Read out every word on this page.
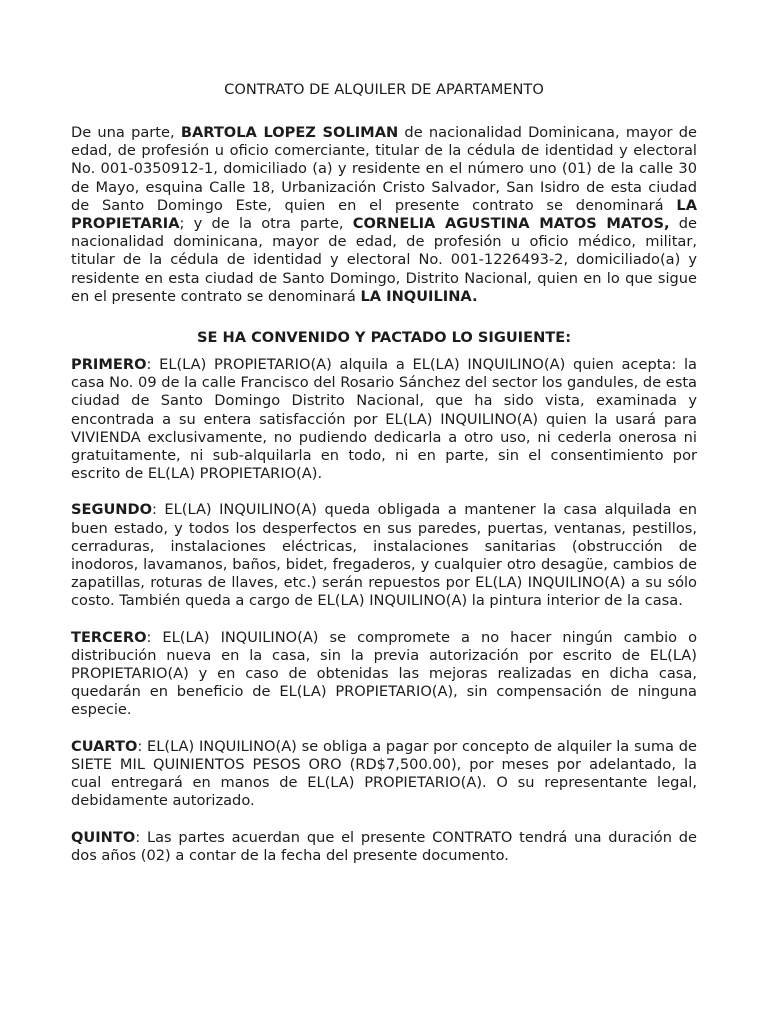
CONTRATO DE ALQUILER DE APARTAMENTO

De una parte, BARTOLA LOPEZ SOLIMAN de nacionalidad Dominicana, mayor de edad, de profesión u oficio comerciante, titular de la cédula de identidad y electoral No. 001-0350912-1, domiciliado (a) y residente en el número uno (01) de la calle 30 de Mayo, esquina Calle 18, Urbanización Cristo Salvador, San Isidro de esta ciudad de Santo Domingo Este, quien en el presente contrato se denominará LA PROPIETARIA; y de la otra parte, CORNELIA AGUSTINA MATOS MATOS, de nacionalidad dominicana, mayor de edad, de profesión u oficio médico, militar, titular de la cédula de identidad y electoral No. 001-1226493-2, domiciliado(a) y residente en esta ciudad de Santo Domingo, Distrito Nacional, quien en lo que sigue en el presente contrato se denominará LA INQUILINA.

SE HA CONVENIDO Y PACTADO LO SIGUIENTE:

PRIMERO: EL(LA) PROPIETARIO(A) alquila a EL(LA) INQUILINO(A) quien acepta: la casa No. 09 de la calle Francisco del Rosario Sánchez del sector los gandules, de esta ciudad de Santo Domingo Distrito Nacional, que ha sido vista, examinada y encontrada a su entera satisfacción por EL(LA) INQUILINO(A) quien la usará para VIVIENDA exclusivamente, no pudiendo dedicarla a otro uso, ni cederla onerosa ni gratuitamente, ni sub-alquilarla en todo, ni en parte, sin el consentimiento por escrito de EL(LA) PROPIETARIO(A).

SEGUNDO: EL(LA) INQUILINO(A) queda obligada a mantener la casa alquilada en buen estado, y todos los desperfectos en sus paredes, puertas, ventanas, pestillos, cerraduras, instalaciones eléctricas, instalaciones sanitarias (obstrucción de inodoros, lavamanos, baños, bidet, fregaderos, y cualquier otro desagüe, cambios de zapatillas, roturas de llaves, etc.) serán repuestos por EL(LA) INQUILINO(A) a su sólo costo. También queda a cargo de EL(LA) INQUILINO(A) la pintura interior de la casa.

TERCERO: EL(LA) INQUILINO(A) se compromete a no hacer ningún cambio o distribución nueva en la casa, sin la previa autorización por escrito de EL(LA) PROPIETARIO(A) y en caso de obtenidas las mejoras realizadas en dicha casa, quedarán en beneficio de EL(LA) PROPIETARIO(A), sin compensación de ninguna especie.

CUARTO: EL(LA) INQUILINO(A) se obliga a pagar por concepto de alquiler la suma de SIETE MIL QUINIENTOS PESOS ORO (RD$7,500.00), por meses por adelantado, la cual entregará en manos de EL(LA) PROPIETARIO(A). O su representante legal, debidamente autorizado.

QUINTO: Las partes acuerdan que el presente CONTRATO tendrá una duración de dos años (02) a contar de la fecha del presente documento.
